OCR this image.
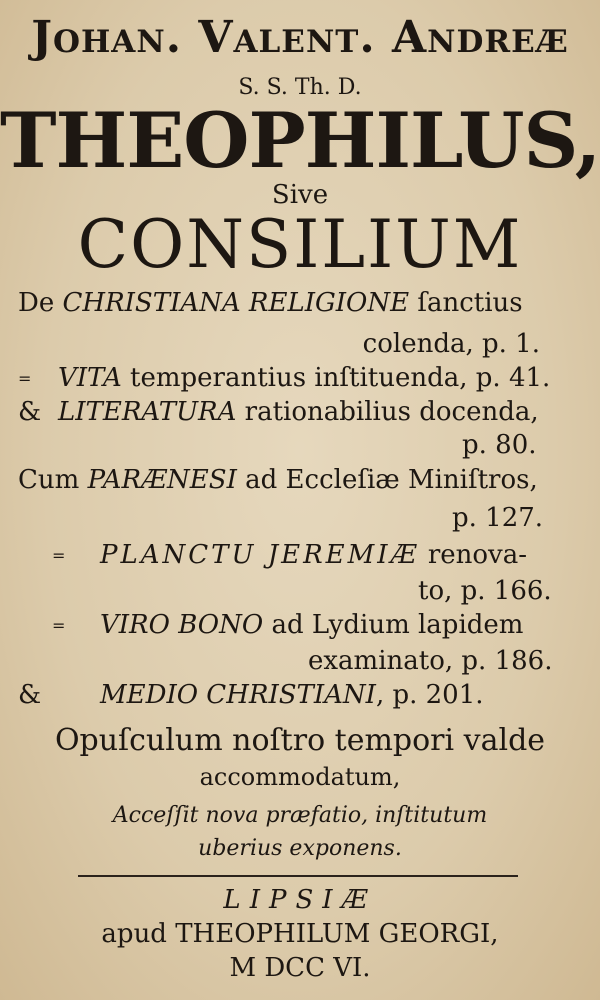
Johan. Valent. Andreæ
S. S. Th. D.
THEOPHILUS,
Sive
CONSILIUM
De CHRISTIANA RELIGIONE ſanctius
colenda, p. 1.
= VITA temperantius inſtituenda, p. 41.
& LITERATURA rationabilius docenda,
p. 80.
Cum PARÆNESI ad Eccleſiæ Miniſtros,
p. 127.
= PLANCTU JEREMIÆ renova-
to, p. 166.
= VIRO BONO ad Lydium lapidem
examinato, p. 186.
& MEDIO CHRISTIANI, p. 201.
Opuſculum noſtro tempori valde
accommodatum,
Acceſſit nova præfatio, inſtitutum
uberius exponens.
LIPSIÆ
apud THEOPHILUM GEORGI,
M DCC VI.
